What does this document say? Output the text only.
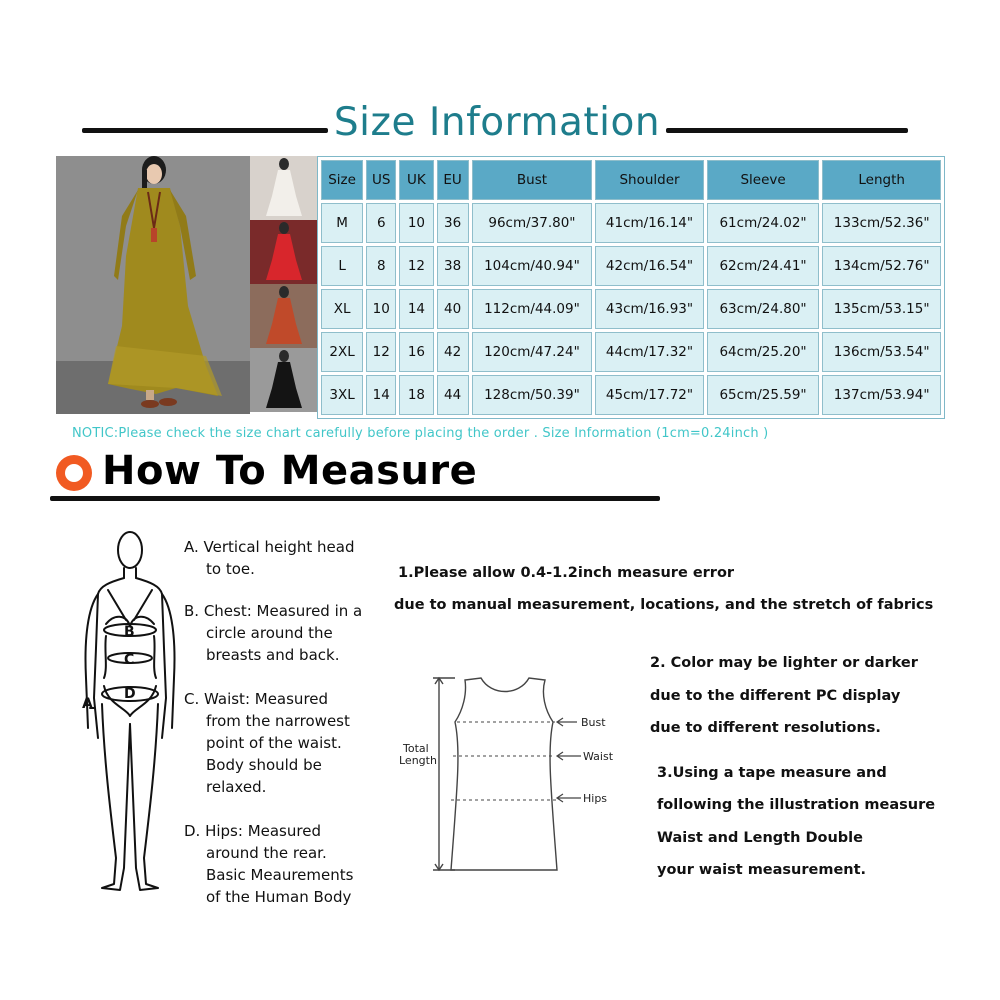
Size Information
Size	US	UK	EU	Bust	Shoulder	Sleeve	Length
M	6	10	36	96cm/37.80"	41cm/16.14"	61cm/24.02"	133cm/52.36"
L	8	12	38	104cm/40.94"	42cm/16.54"	62cm/24.41"	134cm/52.76"
XL	10	14	40	112cm/44.09"	43cm/16.93"	63cm/24.80"	135cm/53.15"
2XL	12	16	42	120cm/47.24"	44cm/17.32"	64cm/25.20"	136cm/53.54"
3XL	14	18	44	128cm/50.39"	45cm/17.72"	65cm/25.59"	137cm/53.94"
NOTIC:Please check the size chart carefully before placing the order . Size Information (1cm=0.24inch )
How To Measure
A
B
C
D
A. Vertical height head
to toe.
B. Chest: Measured in a
circle around the
breasts and back.
C. Waist: Measured
from the narrowest
point of the waist.
Body should be
relaxed.
D. Hips: Measured
around the rear.
Basic Meaurements
of the Human Body
1.Please allow 0.4-1.2inch measure error
due to manual measurement, locations, and the stretch of fabrics
2. Color may be lighter or darker
due to the different PC display
due to different resolutions.
3.Using a tape measure and
following the illustration measure
Waist and Length Double
your waist measurement.
Total
Length
Bust
Waist
Hips
